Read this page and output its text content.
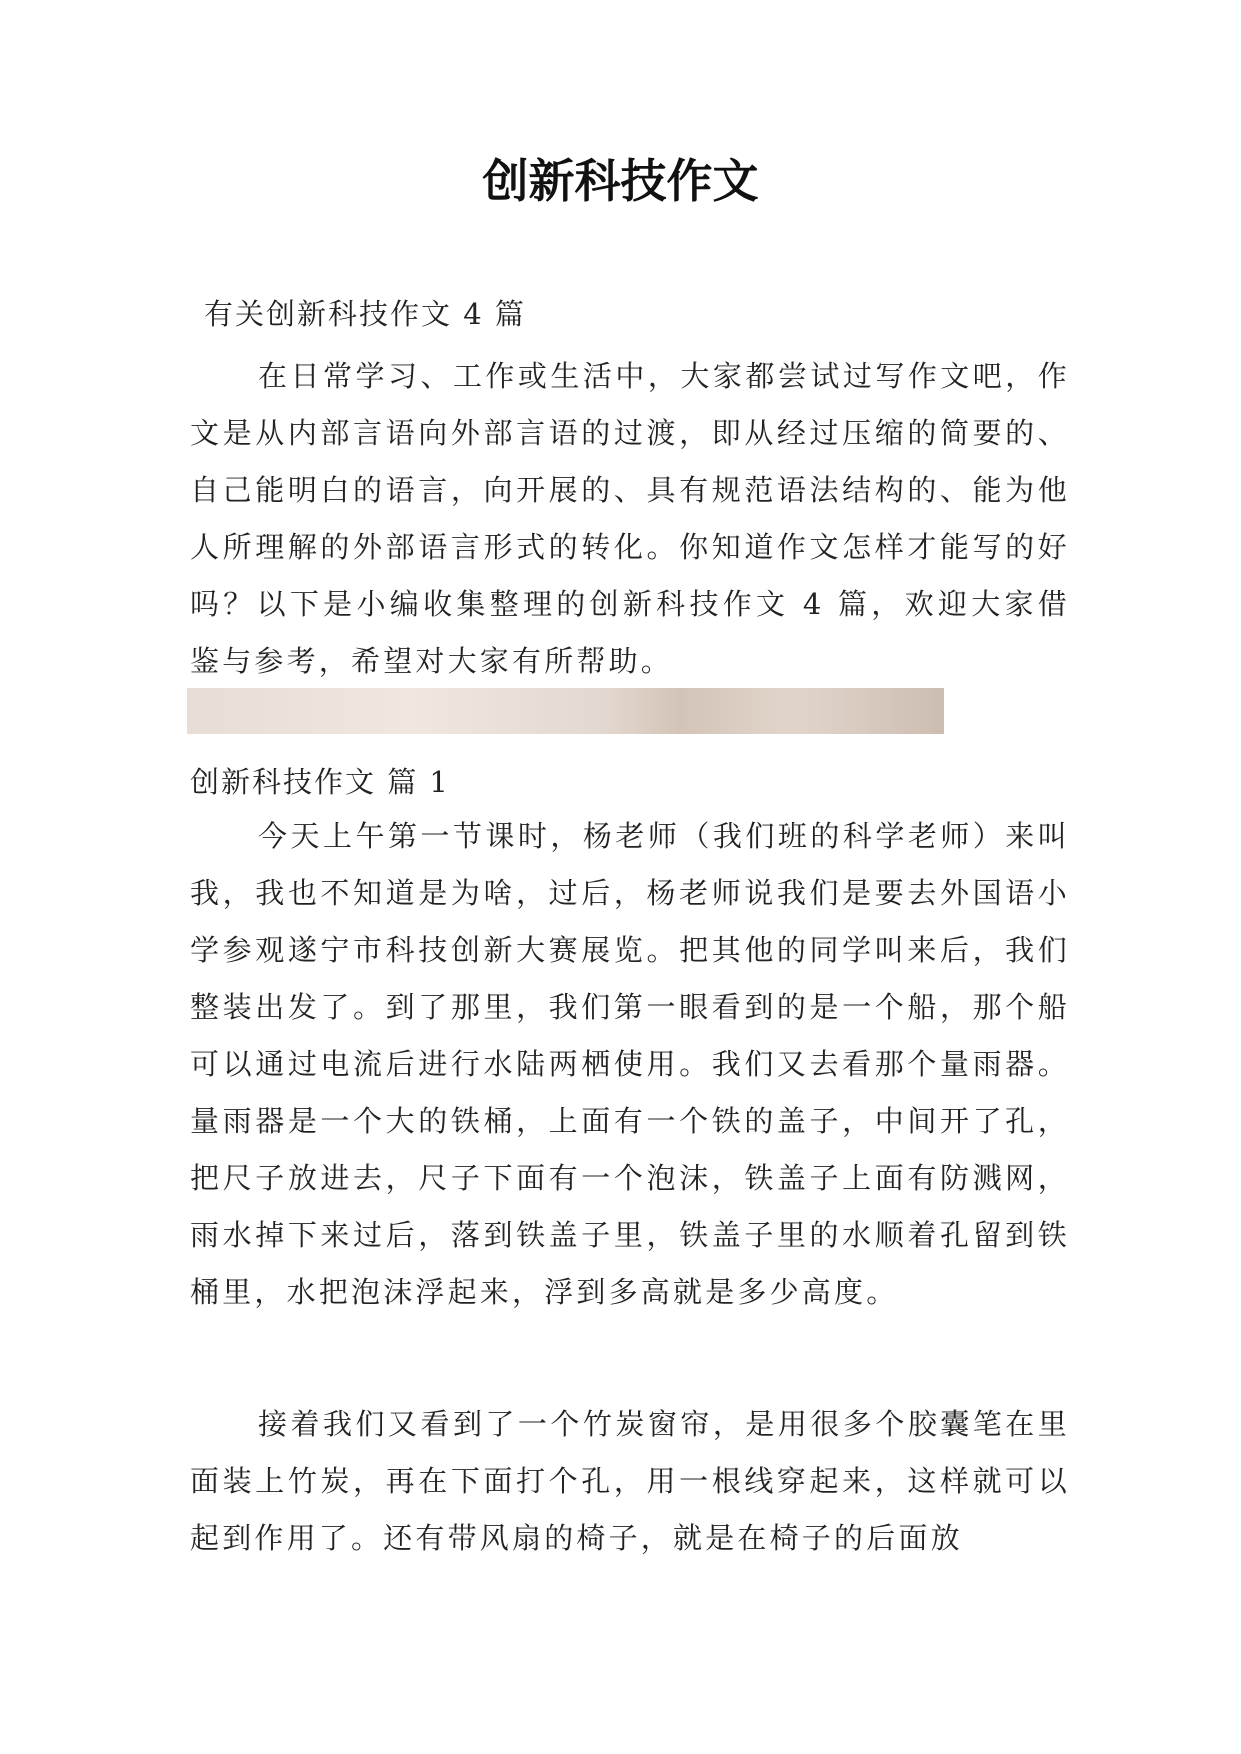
创新科技作文
有关创新科技作文 4 篇

在日常学习、工作或生活中，大家都尝试过写作文吧，作文是从内部言语向外部言语的过渡，即从经过压缩的简要的、自己能明白的语言，向开展的、具有规范语法结构的、能为他人所理解的外部语言形式的转化。你知道作文怎样才能写的好吗？以下是小编收集整理的创新科技作文 4 篇，欢迎大家借鉴与参考，希望对大家有所帮助。

创新科技作文 篇 1

今天上午第一节课时，杨老师（我们班的科学老师）来叫我，我也不知道是为啥，过后，杨老师说我们是要去外国语小学参观遂宁市科技创新大赛展览。把其他的同学叫来后，我们整装出发了。到了那里，我们第一眼看到的是一个船，那个船可以通过电流后进行水陆两栖使用。我们又去看那个量雨器。量雨器是一个大的铁桶，上面有一个铁的盖子，中间开了孔，把尺子放进去，尺子下面有一个泡沫，铁盖子上面有防溅网，雨水掉下来过后，落到铁盖子里，铁盖子里的水顺着孔留到铁桶里，水把泡沫浮起来，浮到多高就是多少高度。

接着我们又看到了一个竹炭窗帘，是用很多个胶囊笔在里面装上竹炭，再在下面打个孔，用一根线穿起来，这样就可以起到作用了。还有带风扇的椅子，就是在椅子的后面放
